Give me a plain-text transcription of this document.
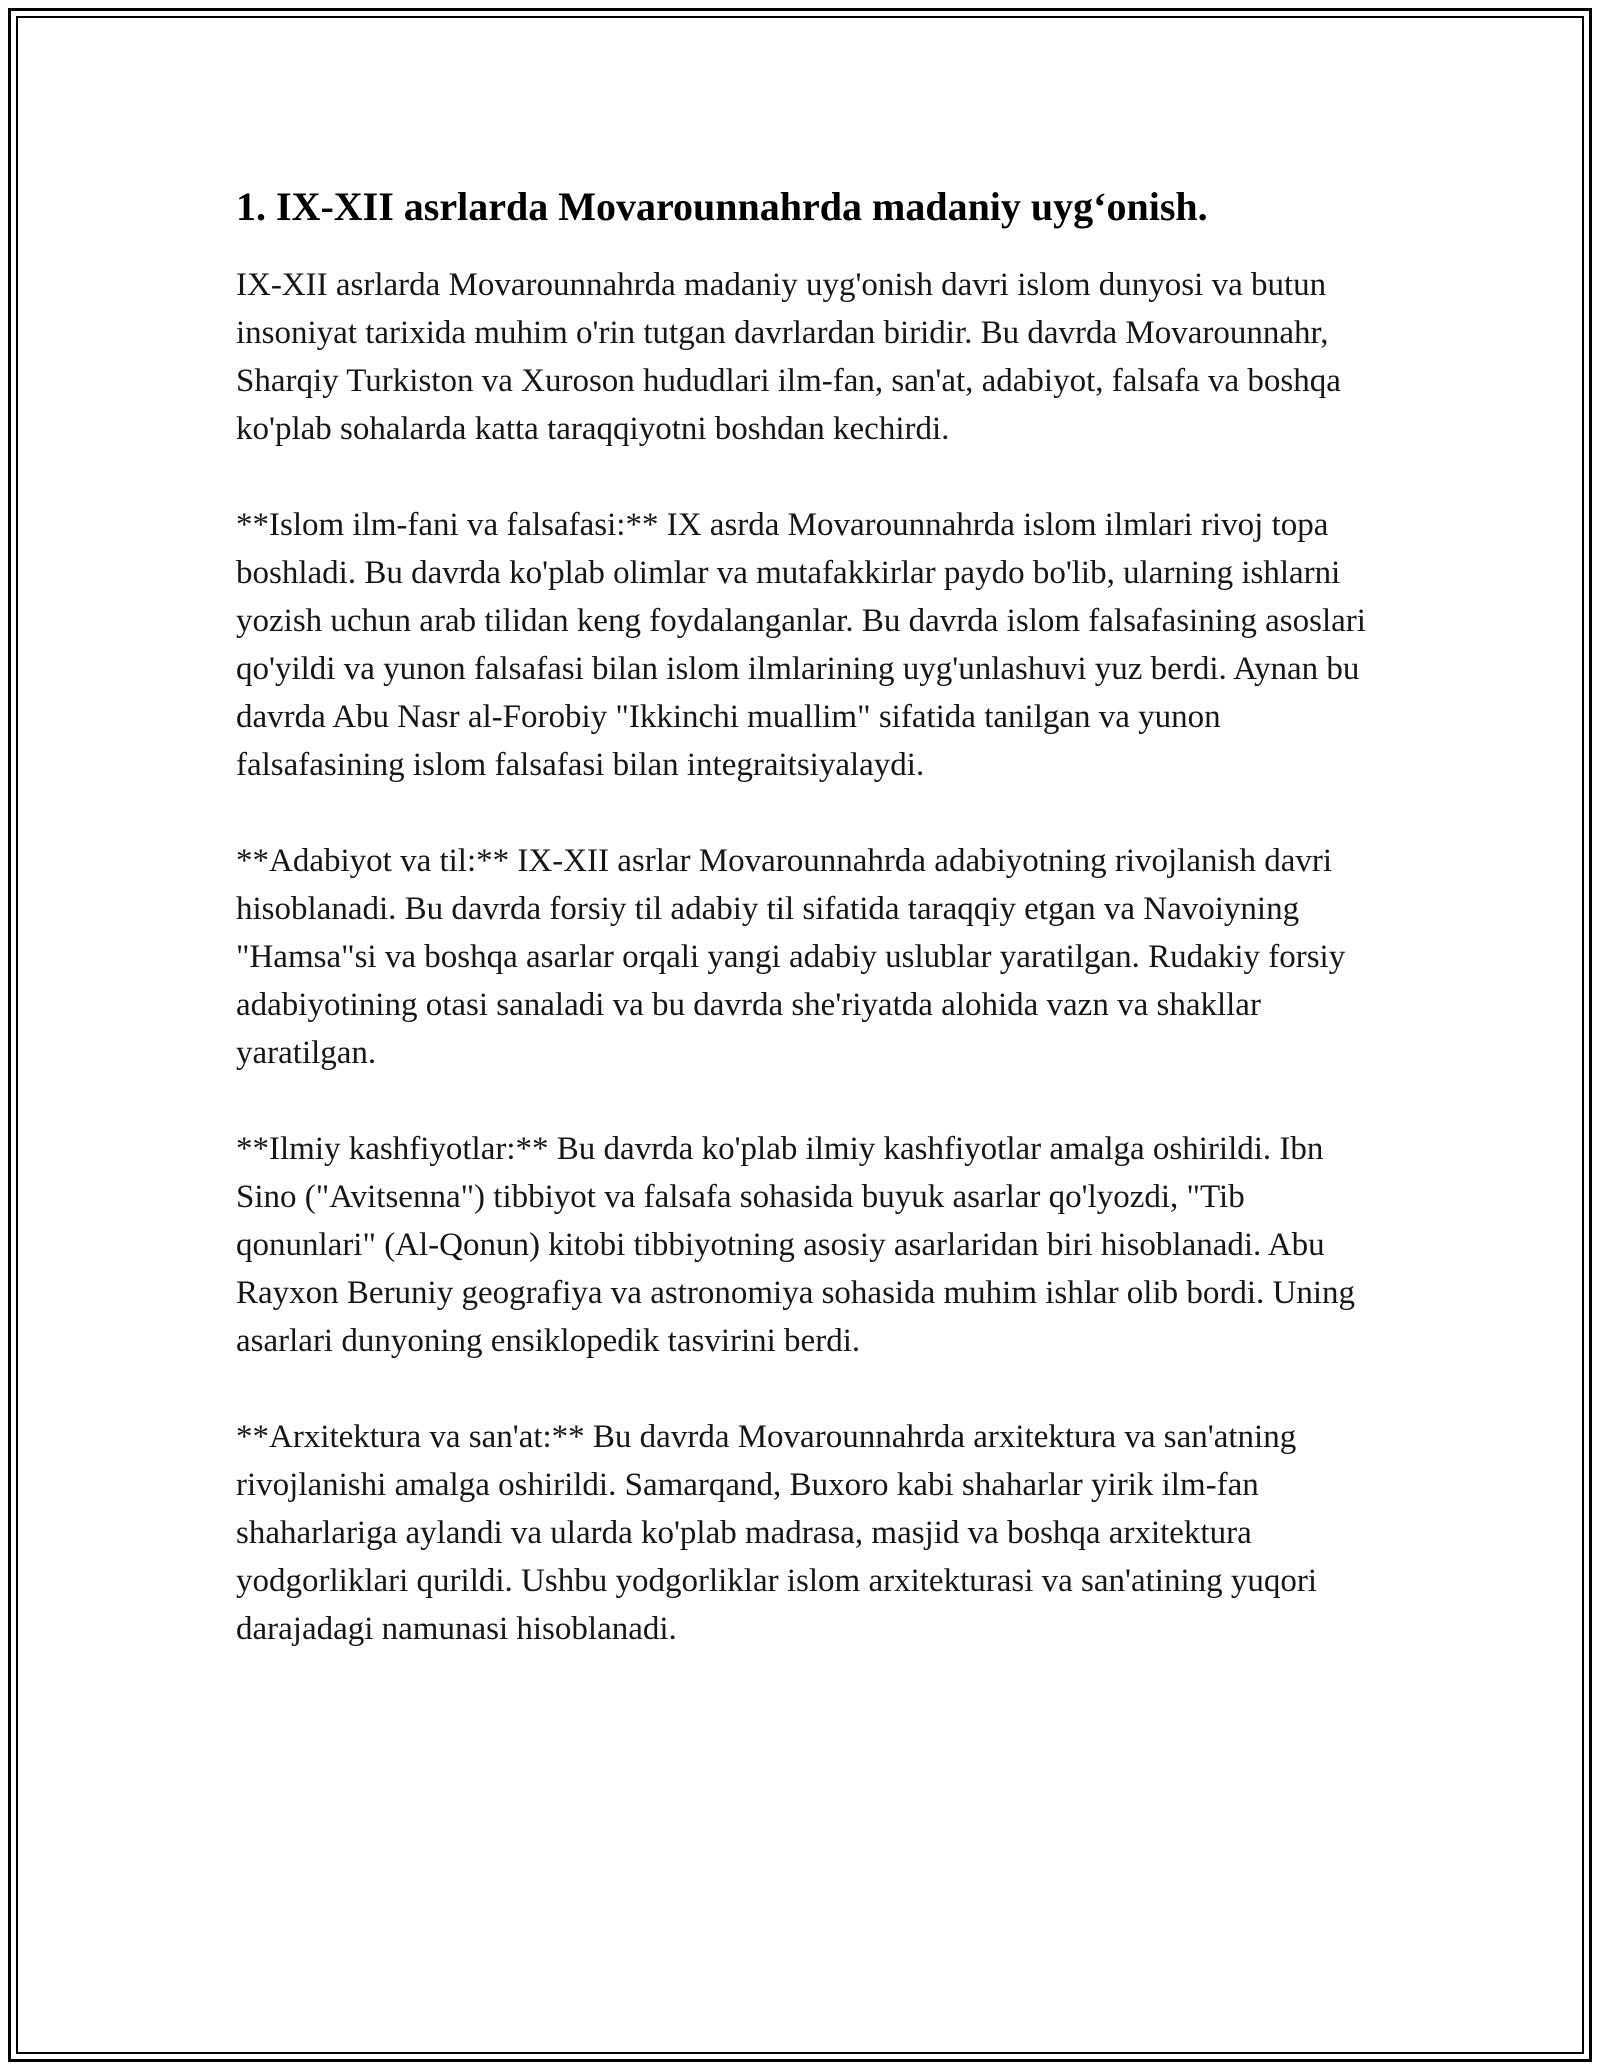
1. IX-XII asrlarda Movarounnahrda madaniy uyg‘onish.

IX-XII asrlarda Movarounnahrda madaniy uyg'onish davri islom dunyosi va butun insoniyat tarixida muhim o'rin tutgan davrlardan biridir. Bu davrda Movarounnahr, Sharqiy Turkiston va Xuroson hududlari ilm-fan, san'at, adabiyot, falsafa va boshqa ko'plab sohalarda katta taraqqiyotni boshdan kechirdi.

**Islom ilm-fani va falsafasi:** IX asrda Movarounnahrda islom ilmlari rivoj topa boshladi. Bu davrda ko'plab olimlar va mutafakkirlar paydo bo'lib, ularning ishlarni yozish uchun arab tilidan keng foydalanganlar. Bu davrda islom falsafasining asoslari qo'yildi va yunon falsafasi bilan islom ilmlarining uyg'unlashuvi yuz berdi. Aynan bu davrda Abu Nasr al-Forobiy "Ikkinchi muallim" sifatida tanilgan va yunon falsafasining islom falsafasi bilan integraitsiyalaydi.

**Adabiyot va til:** IX-XII asrlar Movarounnahrda adabiyotning rivojlanish davri hisoblanadi. Bu davrda forsiy til adabiy til sifatida taraqqiy etgan va Navoiyning "Hamsa"si va boshqa asarlar orqali yangi adabiy uslublar yaratilgan. Rudakiy forsiy adabiyotining otasi sanaladi va bu davrda she'riyatda alohida vazn va shakllar yaratilgan.

**Ilmiy kashfiyotlar:** Bu davrda ko'plab ilmiy kashfiyotlar amalga oshirildi. Ibn Sino ("Avitsenna") tibbiyot va falsafa sohasida buyuk asarlar qo'lyozdi, "Tib qonunlari" (Al-Qonun) kitobi tibbiyotning asosiy asarlaridan biri hisoblanadi. Abu Rayxon Beruniy geografiya va astronomiya sohasida muhim ishlar olib bordi. Uning asarlari dunyoning ensiklopedik tasvirini berdi.

**Arxitektura va san'at:** Bu davrda Movarounnahrda arxitektura va san'atning rivojlanishi amalga oshirildi. Samarqand, Buxoro kabi shaharlar yirik ilm-fan shaharlariga aylandi va ularda ko'plab madrasa, masjid va boshqa arxitektura yodgorliklari qurildi. Ushbu yodgorliklar islom arxitekturasi va san'atining yuqori darajadagi namunasi hisoblanadi.
